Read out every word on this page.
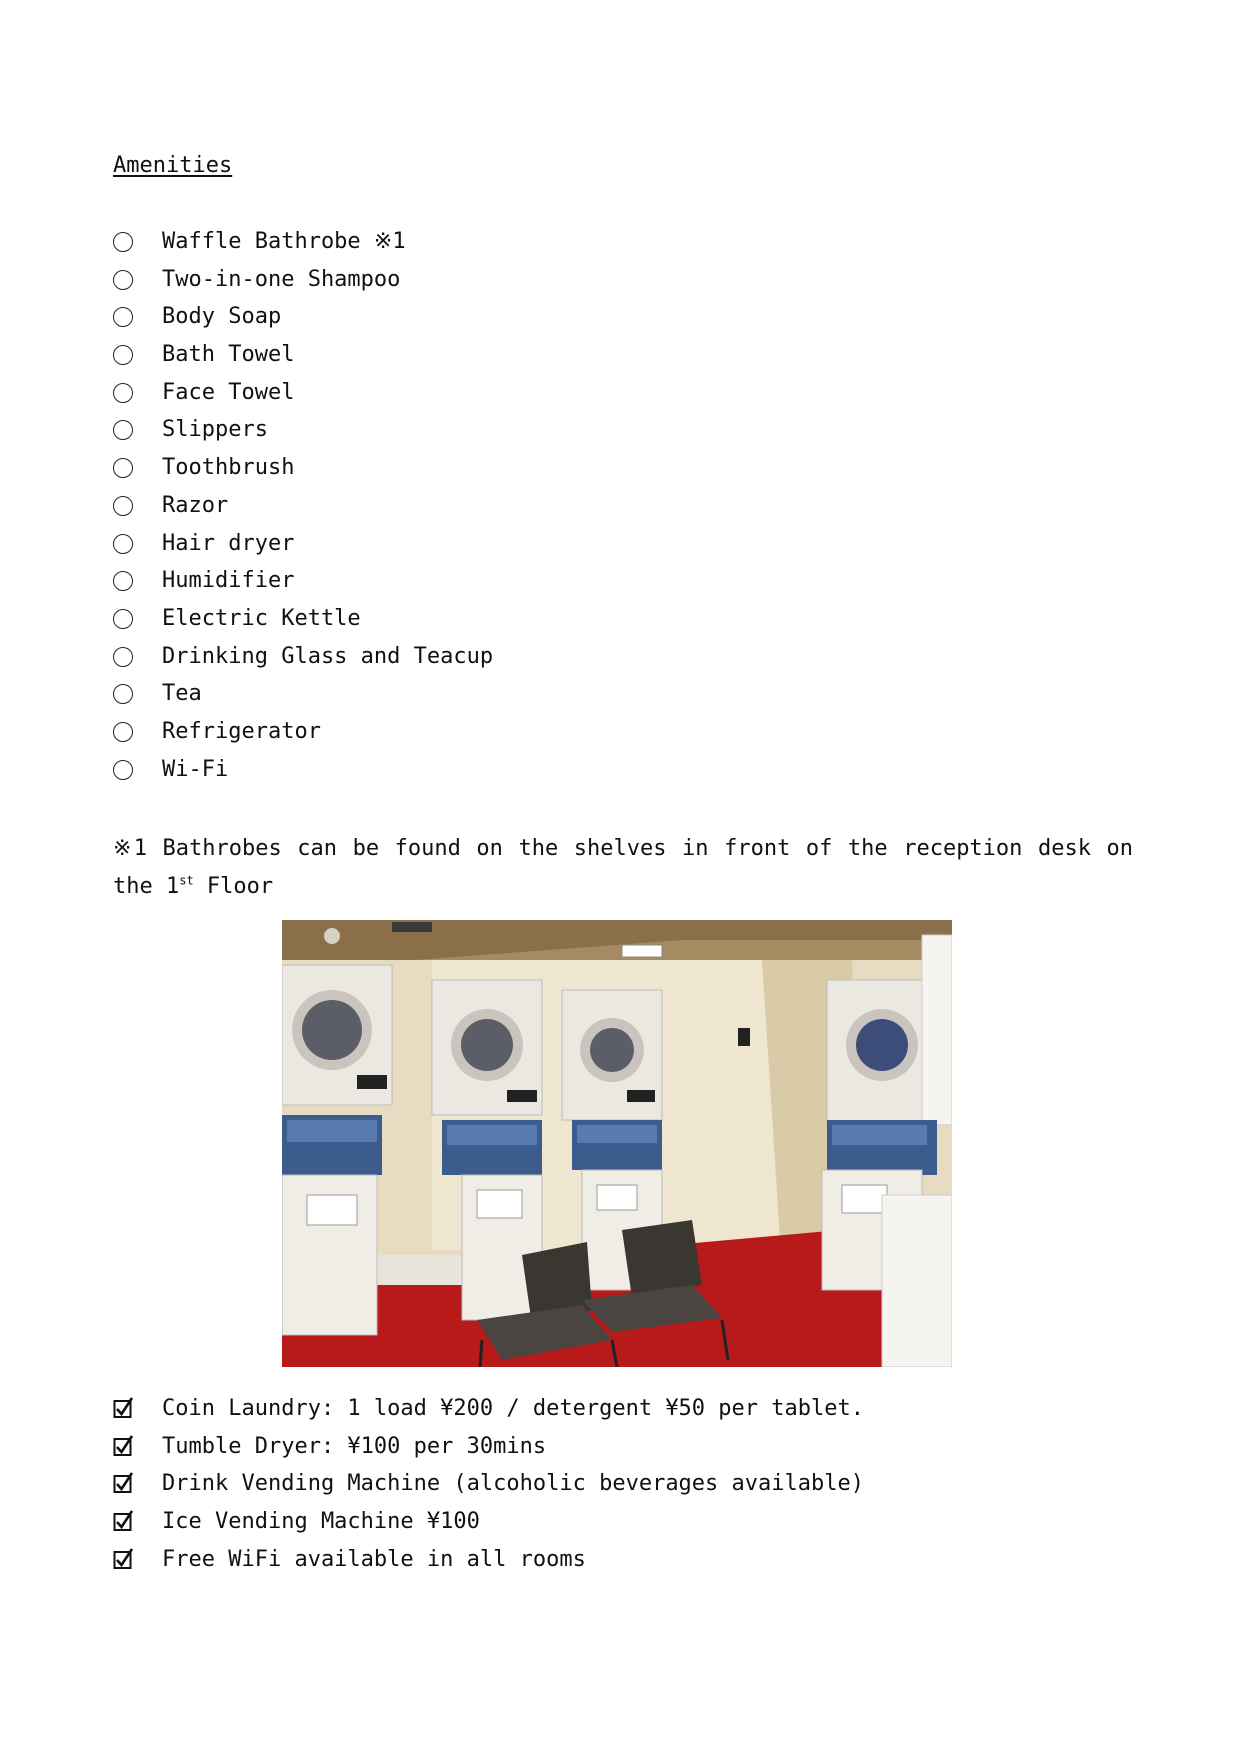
Amenities
Waffle Bathrobe ※1
Two-in-one Shampoo
Body Soap
Bath Towel
Face Towel
Slippers
Toothbrush
Razor
Hair dryer
Humidifier
Electric Kettle
Drinking Glass and Teacup
Tea
Refrigerator
Wi-Fi
※1 Bathrobes can be found on the shelves in front of the reception desk on the 1st Floor
Coin Laundry: 1 load ¥200 / detergent ¥50 per tablet.
Tumble Dryer: ¥100 per 30mins
Drink Vending Machine (alcoholic beverages available)
Ice Vending Machine ¥100
Free WiFi available in all rooms
